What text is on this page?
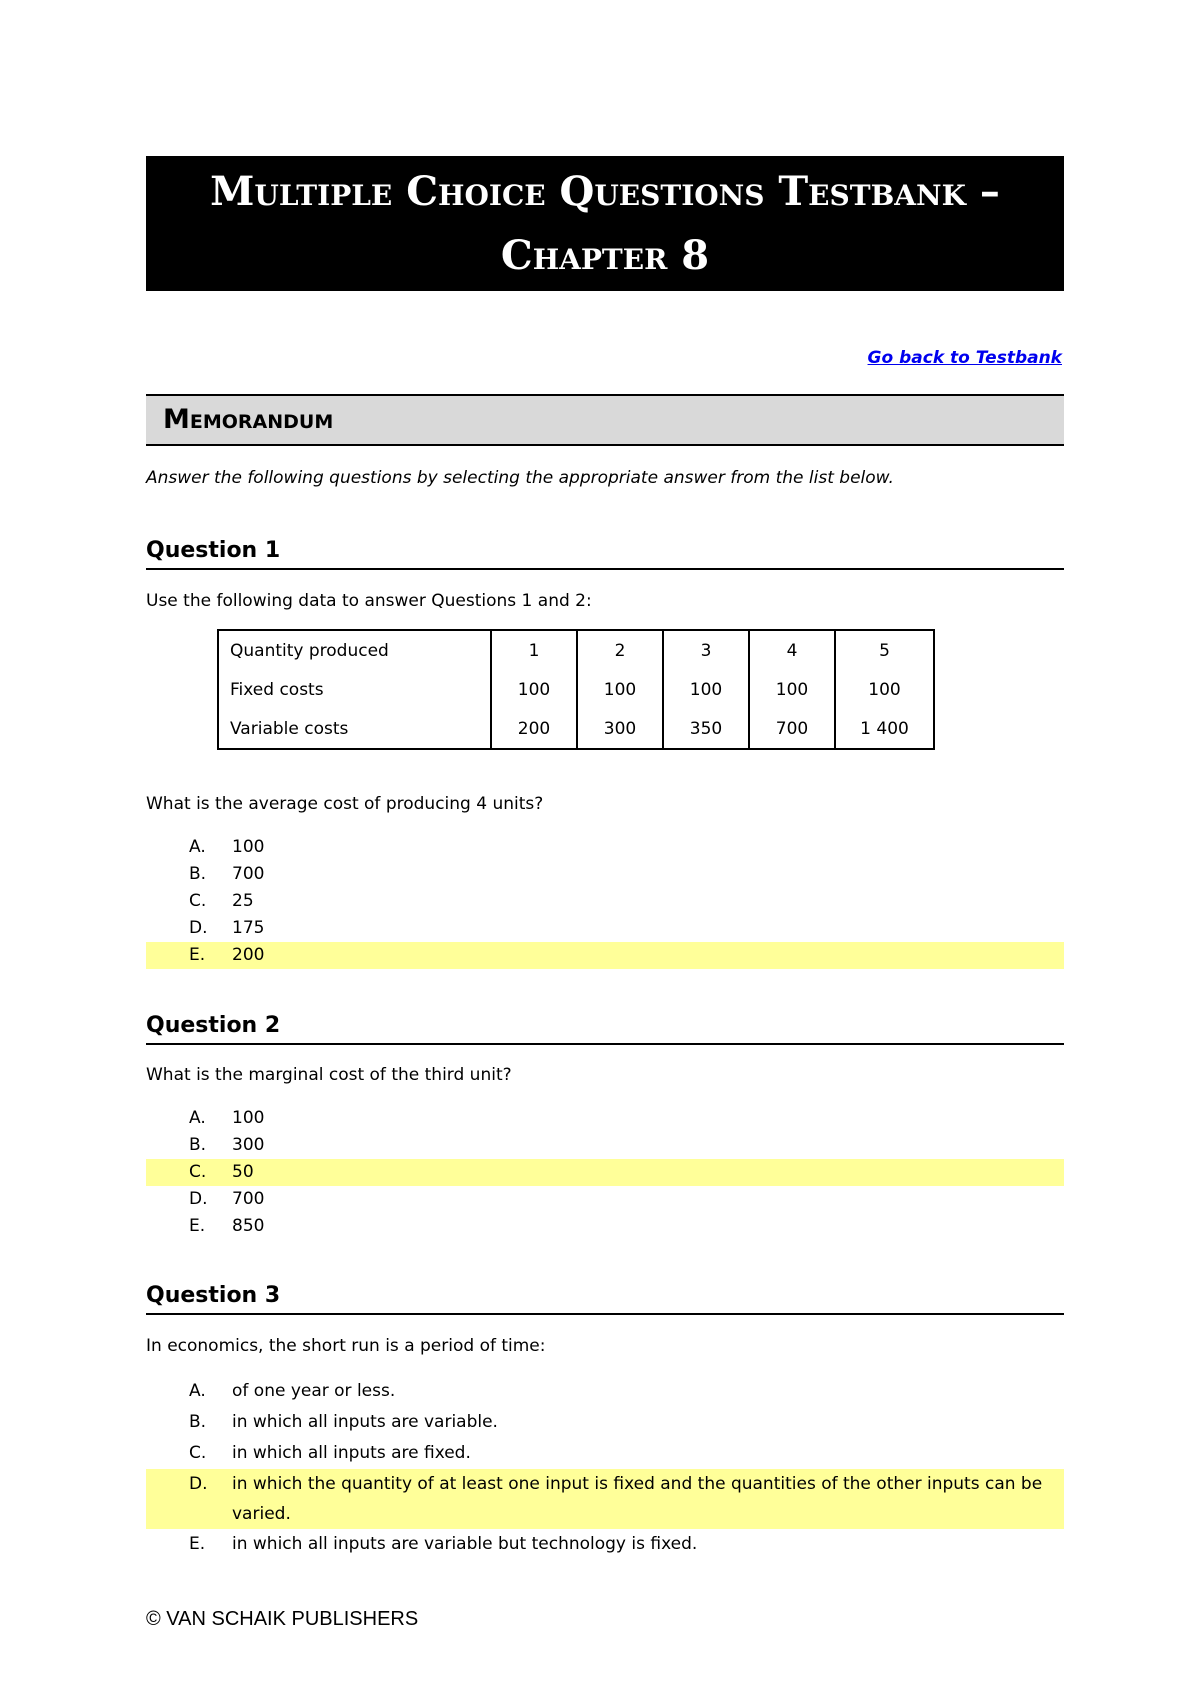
Multiple Choice Questions Testbank –
Chapter 8
Go back to Testbank
Memorandum
Answer the following questions by selecting the appropriate answer from the list below.
Question 1
Use the following data to answer Questions 1 and 2:
Quantity produced	1	2	3	4	5
Fixed costs	100	100	100	100	100
Variable costs	200	300	350	700	1 400
What is the average cost of producing 4 units?
A. 100
B. 700
C. 25
D. 175
E. 200
Question 2
What is the marginal cost of the third unit?
A. 100
B. 300
C. 50
D. 700
E. 850
Question 3
In economics, the short run is a period of time:
A. of one year or less.
B. in which all inputs are variable.
C. in which all inputs are fixed.
D. in which the quantity of at least one input is fixed and the quantities of the other inputs can be varied.
E. in which all inputs are variable but technology is fixed.
© VAN SCHAIK PUBLISHERS
